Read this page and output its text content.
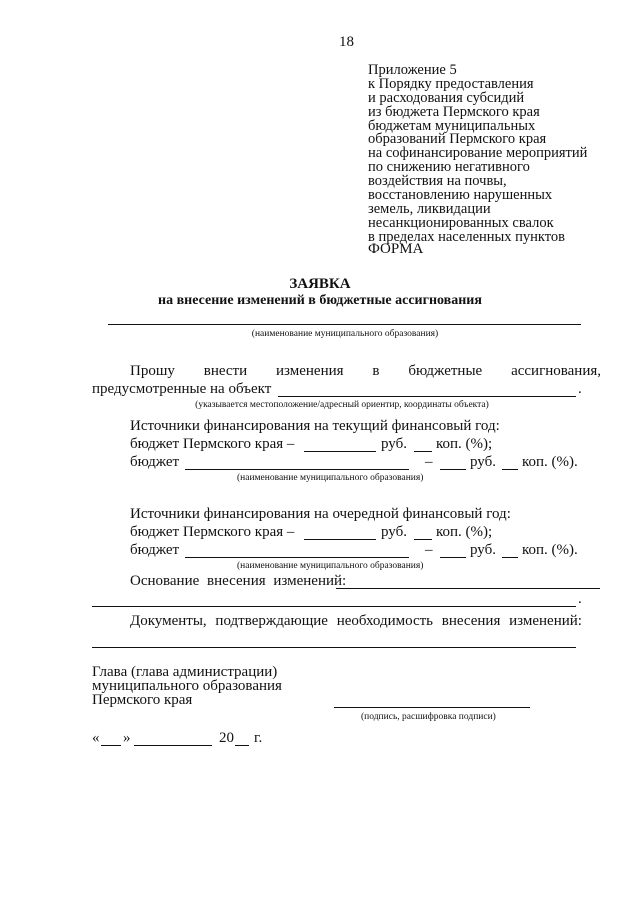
18
Приложение 5
к Порядку предоставления
и расходования субсидий
из бюджета Пермского края
бюджетам муниципальных
образований Пермского края
на софинансирование мероприятий
по снижению негативного
воздействия на почвы,
восстановлению нарушенных
земель, ликвидации
несанкционированных свалок
в пределах населенных пунктов
ФОРМА
ЗАЯВКА
на внесение изменений в бюджетные ассигнования
(наименование муниципального образования)
Прошу внести изменения в бюджетные ассигнования,
предусмотренные на объект	.
(указывается местоположение/адресный ориентир, координаты объекта)
Источники финансирования на текущий финансовый год:
бюджет Пермского края –	руб. коп. (%);
бюджет	–	руб. коп. (%).
(наименование муниципального образования)
Источники финансирования на очередной финансовый год:
бюджет Пермского края –	руб. коп. (%);
бюджет	–	руб. коп. (%).
(наименование муниципального образования)
Основание внесения изменений:
.
Документы, подтверждающие необходимость внесения изменений:
Глава (глава администрации)
муниципального образования
Пермского края
(подпись, расшифровка подписи)
« »	20 г.
